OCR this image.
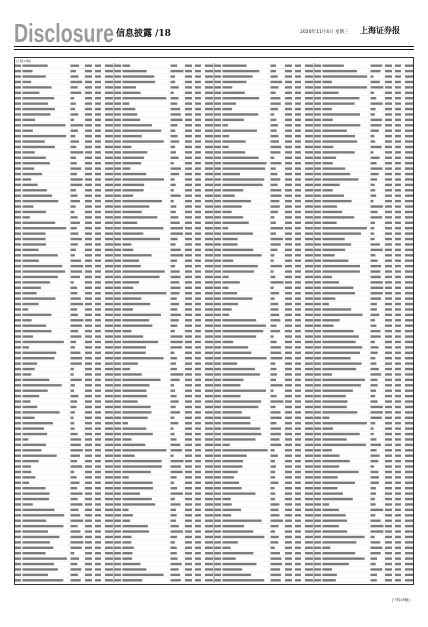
Disclosure 信息披露 /18	2020年11月4日 星期三 上海证券报
(上接17版)
(下转19版)
